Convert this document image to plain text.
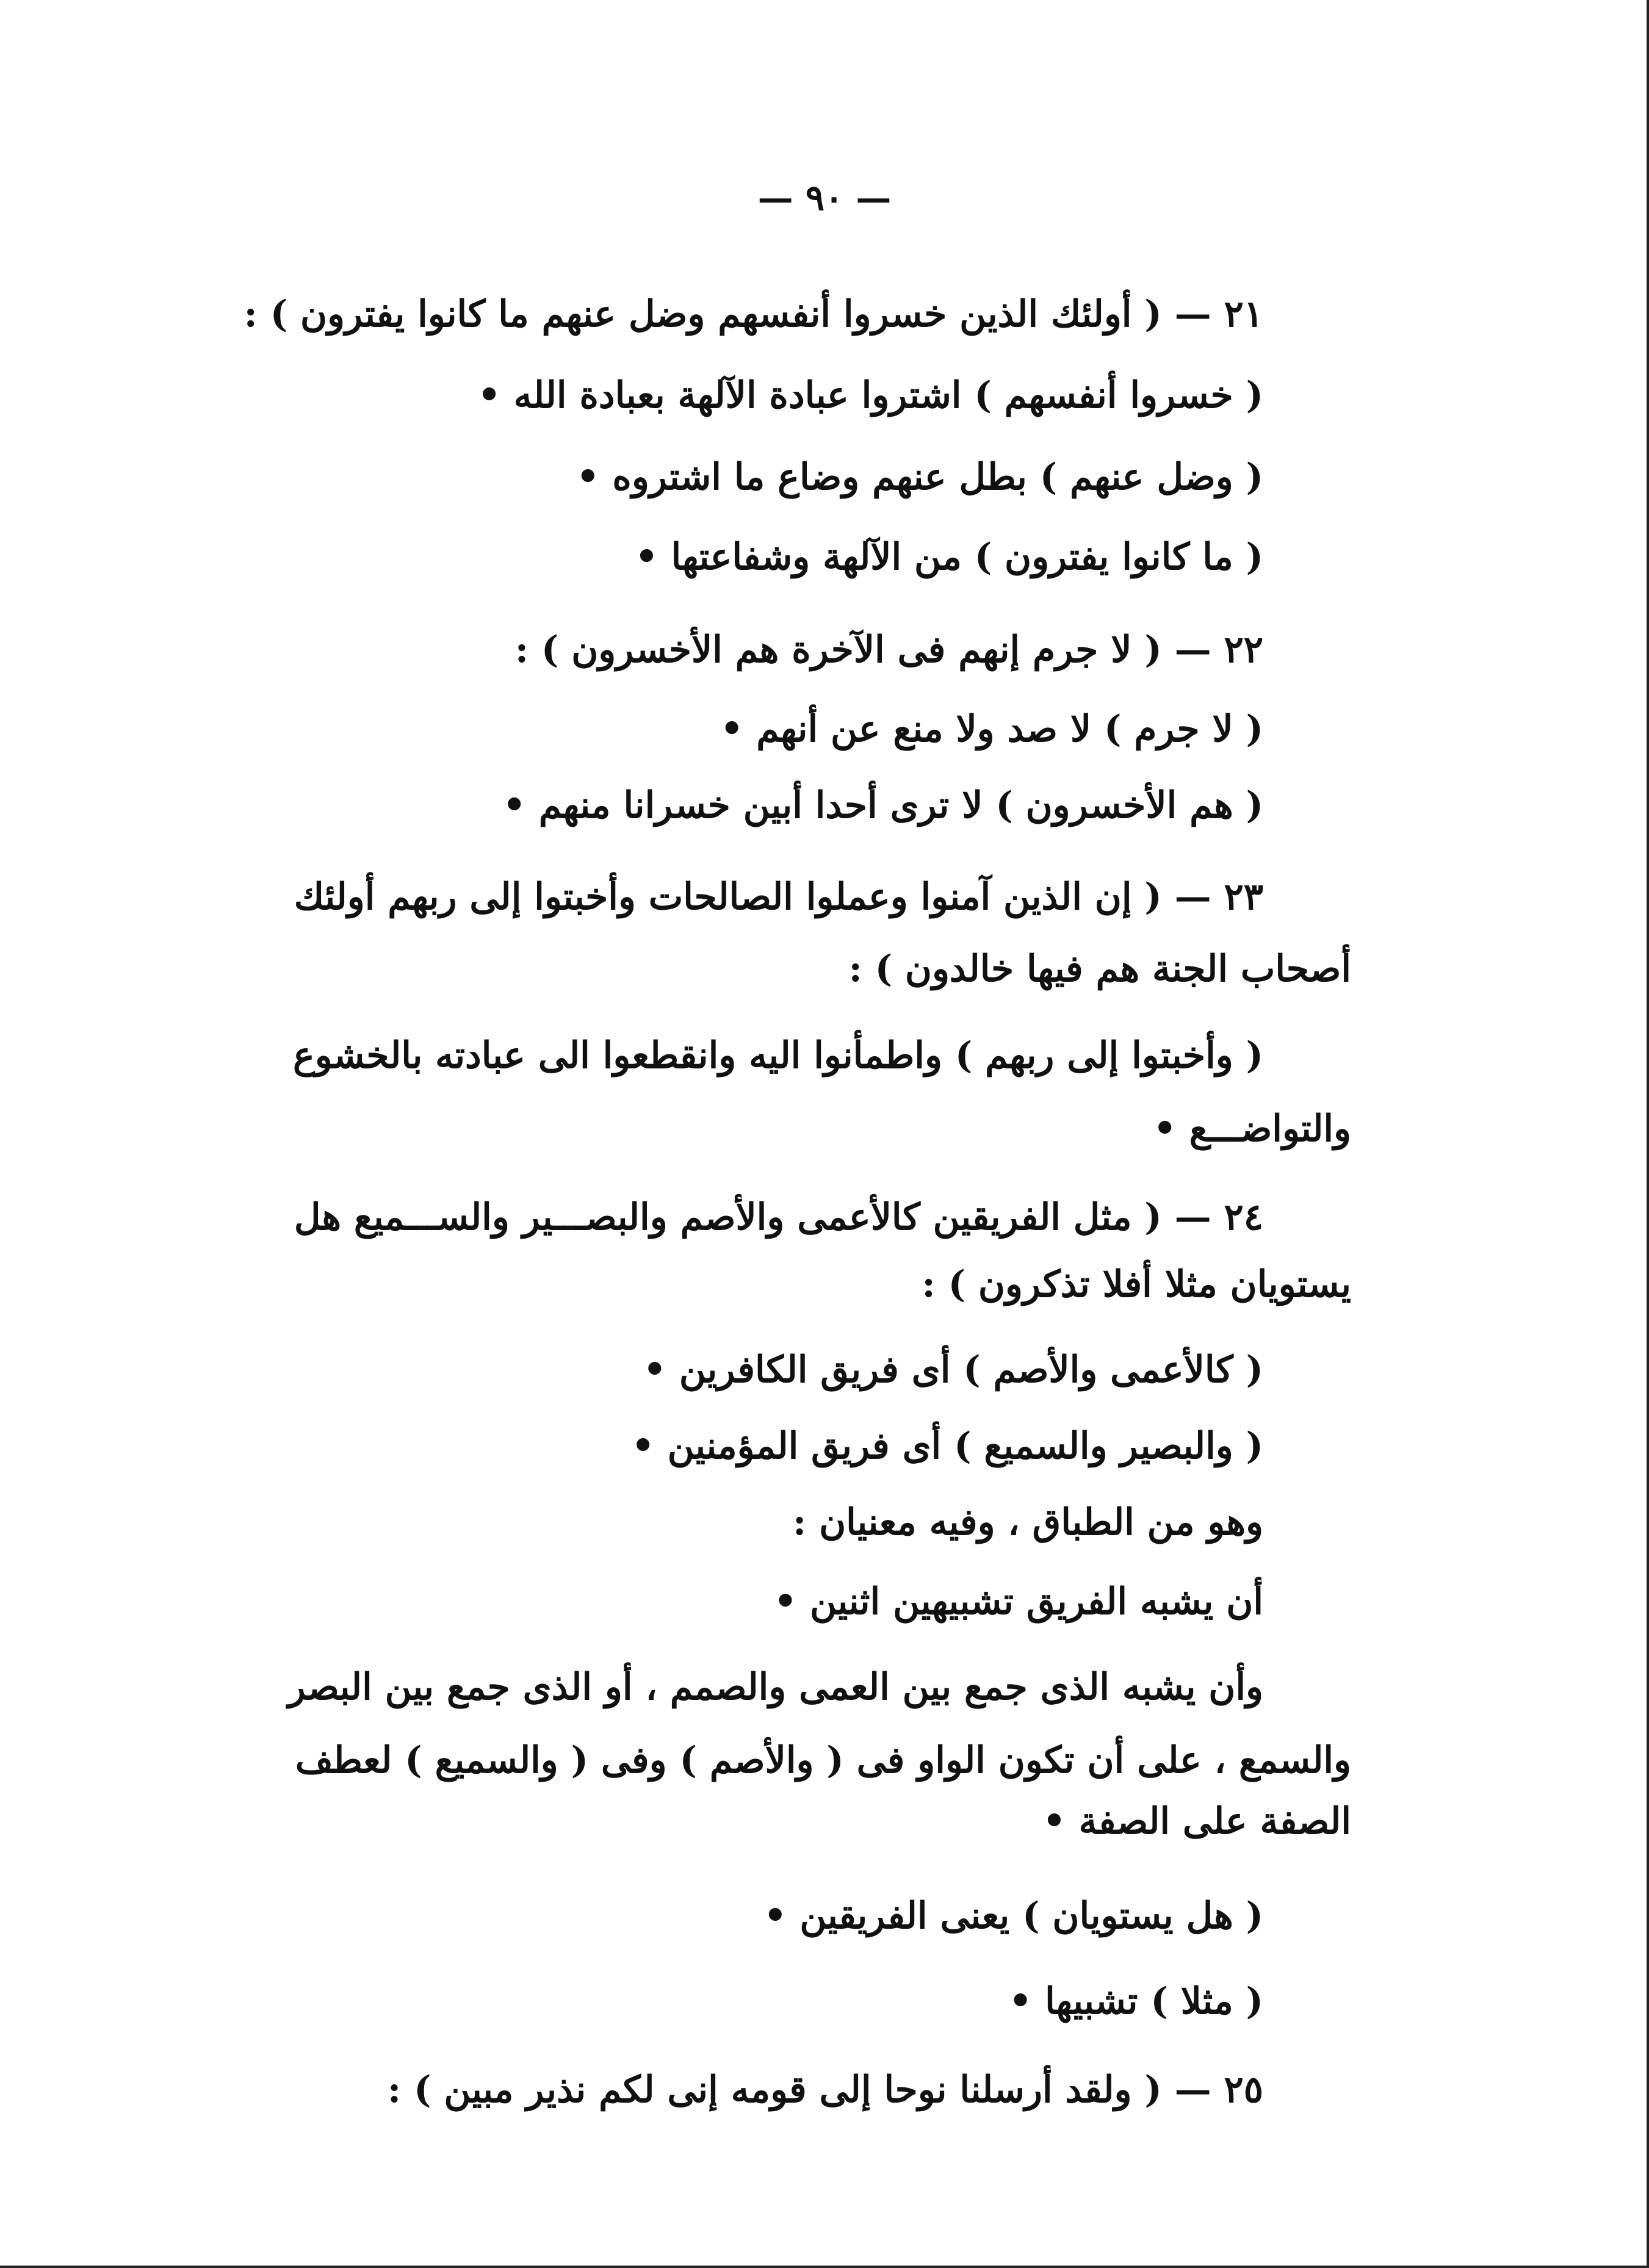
— ٩٠ —
٢١ — ( أولئك الذين خسروا أنفسهم وضل عنهم ما كانوا يفترون ) :
( خسروا أنفسهم ) اشتروا عبادة الآلهة بعبادة الله •
( وضل عنهم ) بطل عنهم وضاع ما اشتروه •
( ما كانوا يفترون ) من الآلهة وشفاعتها •
٢٢ — ( لا جرم إنهم فى الآخرة هم الأخسرون ) :
( لا جرم ) لا صد ولا منع عن أنهم •
( هم الأخسرون ) لا ترى أحدا أبين خسرانا منهم •
٢٣ — ( إن الذين آمنوا وعملوا الصالحات وأخبتوا إلى ربهم أولئك
أصحاب الجنة هم فيها خالدون ) :
( وأخبتوا إلى ربهم ) واطمأنوا اليه وانقطعوا الى عبادته بالخشوع
والتواضـــع •
٢٤ — ( مثل الفريقين كالأعمى والأصم والبصـــير والســـميع هل
يستويان مثلا أفلا تذكرون ) :
( كالأعمى والأصم ) أى فريق الكافرين •
( والبصير والسميع ) أى فريق المؤمنين •
وهو من الطباق ، وفيه معنيان :
أن يشبه الفريق تشبيهين اثنين •
وأن يشبه الذى جمع بين العمى والصمم ، أو الذى جمع بين البصر
والسمع ، على أن تكون الواو فى ( والأصم ) وفى ( والسميع ) لعطف
الصفة على الصفة •
( هل يستويان ) يعنى الفريقين •
( مثلا ) تشبيها •
٢٥ — ( ولقد أرسلنا نوحا إلى قومه إنى لكم نذير مبين ) :
